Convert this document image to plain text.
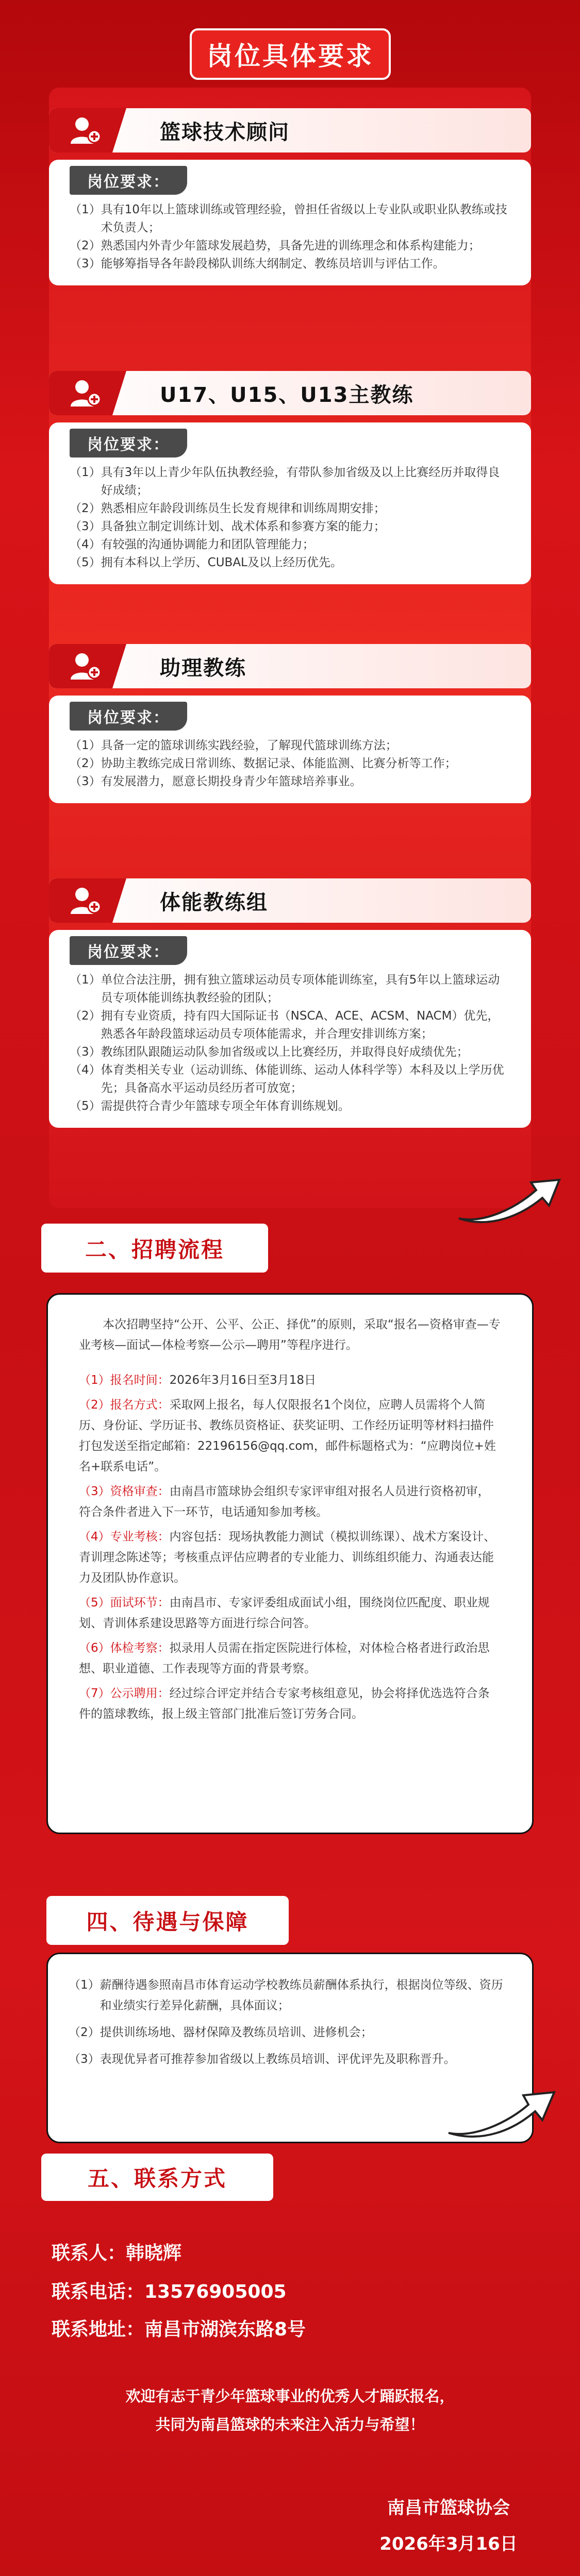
岗位具体要求
篮球技术顾问
岗位要求：
（1） 具有10年以上篮球训练或管理经验，曾担任省级以上专业队或职业队教练或技术负责人；
（2） 熟悉国内外青少年篮球发展趋势，具备先进的训练理念和体系构建能力；
（3） 能够筹指导各年龄段梯队训练大纲制定、教练员培训与评估工作。
U17、U15、U13主教练
岗位要求：
（1） 具有3年以上青少年队伍执教经验，有带队参加省级及以上比赛经历并取得良好成绩；
（2） 熟悉相应年龄段训练员生长发育规律和训练周期安排；
（3） 具备独立制定训练计划、战术体系和参赛方案的能力；
（4） 有较强的沟通协调能力和团队管理能力；
（5） 拥有本科以上学历、CUBAL及以上经历优先。
助理教练
岗位要求：
（1） 具备一定的篮球训练实践经验，了解现代篮球训练方法；
（2） 协助主教练完成日常训练、数据记录、体能监测、比赛分析等工作；
（3） 有发展潜力，愿意长期投身青少年篮球培养事业。
体能教练组
岗位要求：
（1） 单位合法注册，拥有独立篮球运动员专项体能训练室，具有5年以上篮球运动员专项体能训练执教经验的团队；
（2） 拥有专业资质，持有四大国际证书（NSCA、ACE、ACSM、NACM）优先，熟悉各年龄段篮球运动员专项体能需求，并合理安排训练方案；
（3） 教练团队跟随运动队参加省级或以上比赛经历，并取得良好成绩优先；
（4） 体育类相关专业（运动训练、体能训练、运动人体科学等）本科及以上学历优先；具备高水平运动员经历者可放宽；
（5） 需提供符合青少年篮球专项全年体育训练规划。
二、招聘流程

本次招聘坚持“公开、公平、公正、择优”的原则，采取“报名—资格审查—专业考核—面试—体检考察—公示—聘用”等程序进行。

（1）报名时间：2026年3月16日至3月18日

（2）报名方式：采取网上报名，每人仅限报名1个岗位，应聘人员需将个人简历、身份证、学历证书、教练员资格证、获奖证明、工作经历证明等材料扫描件打包发送至指定邮箱：22196156@qq.com，邮件标题格式为：“应聘岗位+姓名+联系电话”。

（3）资格审查：由南昌市篮球协会组织专家评审组对报名人员进行资格初审，符合条件者进入下一环节，电话通知参加考核。

（4）专业考核：内容包括：现场执教能力测试（模拟训练课）、战术方案设计、青训理念陈述等；考核重点评估应聘者的专业能力、训练组织能力、沟通表达能力及团队协作意识。

（5）面试环节：由南昌市、专家评委组成面试小组，围绕岗位匹配度、职业规划、青训体系建设思路等方面进行综合问答。

（6）体检考察：拟录用人员需在指定医院进行体检，对体检合格者进行政治思想、职业道德、工作表现等方面的背景考察。

（7）公示聘用：经过综合评定并结合专家考核组意见，协会将择优选选符合条件的篮球教练，报上级主管部门批准后签订劳务合同。

四、待遇与保障
（1） 薪酬待遇参照南昌市体育运动学校教练员薪酬体系执行，根据岗位等级、资历和业绩实行差异化薪酬，具体面议；
（2） 提供训练场地、器材保障及教练员培训、进修机会；
（3） 表现优异者可推荐参加省级以上教练员培训、评优评先及职称晋升。
五、联系方式
联系人：韩晓辉
联系电话：13576905005
联系地址：南昌市湖滨东路8号
欢迎有志于青少年篮球事业的优秀人才踊跃报名，
共同为南昌篮球的未来注入活力与希望！
南昌市篮球协会
2026年3月16日
